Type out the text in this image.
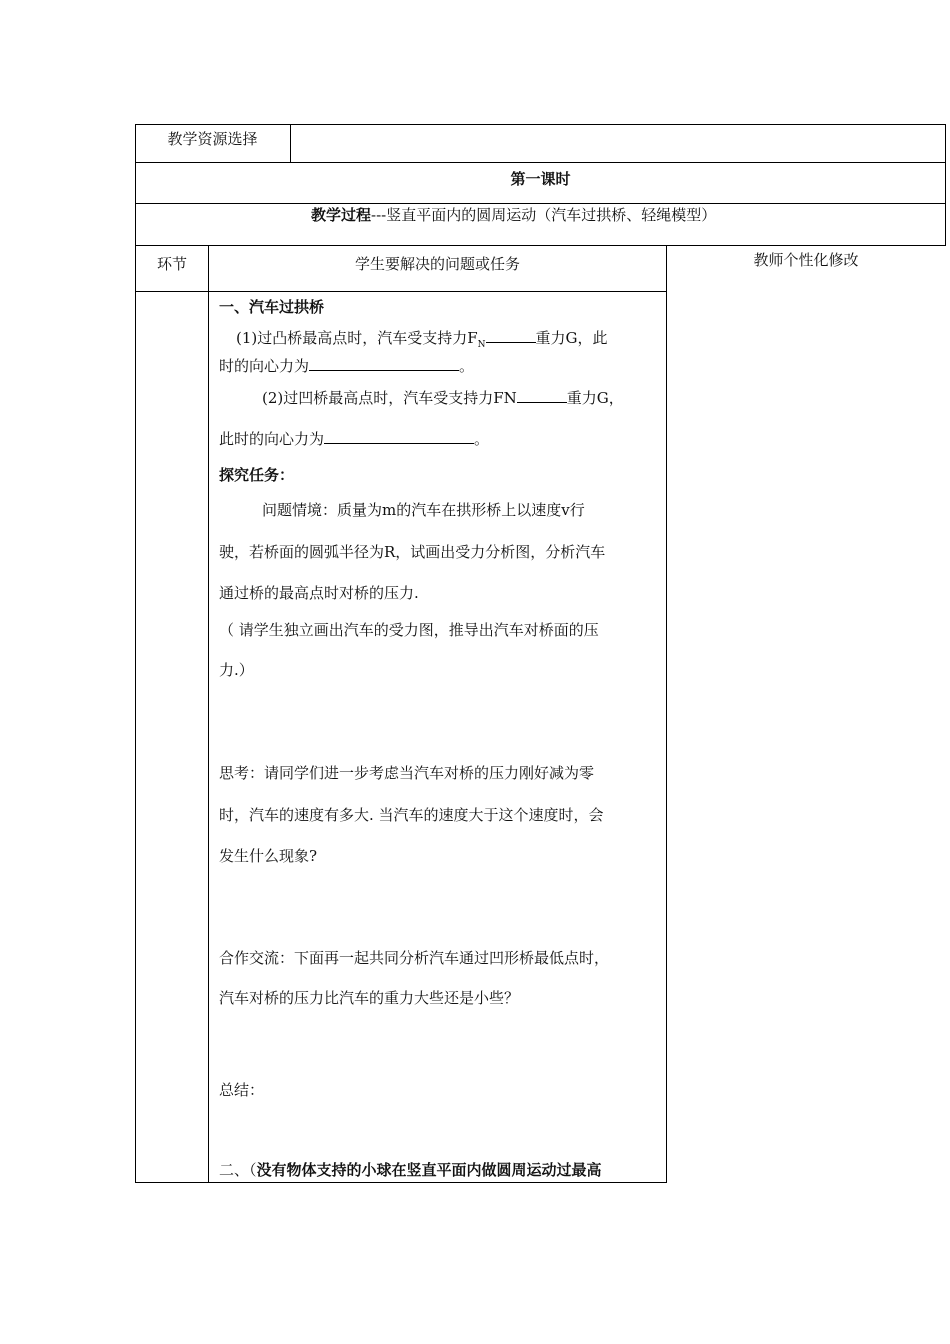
教学资源选择
第一课时
教学过程---竖直平面内的圆周运动（汽车过拱桥、轻绳模型）
环节	学生要解决的问题或任务	教师个性化修改
一、汽车过拱桥
(1)过凸桥最高点时，汽车受支持力$F_N$	重力G，此
时的向心力为	。
(2)过凹桥最高点时，汽车受支持力FN	重力G，
此时的向心力为	。
探究任务：
问题情境：质量为m的汽车在拱形桥上以速度v行
驶，若桥面的圆弧半径为R，试画出受力分析图，分析汽车
通过桥的最高点时对桥的压力.
（ 请学生独立画出汽车的受力图，推导出汽车对桥面的压
力.）
思考：请同学们进一步考虑当汽车对桥的压力刚好减为零
时，汽车的速度有多大. 当汽车的速度大于这个速度时，会
发生什么现象?
合作交流：下面再一起共同分析汽车通过凹形桥最低点时，
汽车对桥的压力比汽车的重力大些还是小些？
总结：
二、（没有物体支持的小球在竖直平面内做圆周运动过最高
